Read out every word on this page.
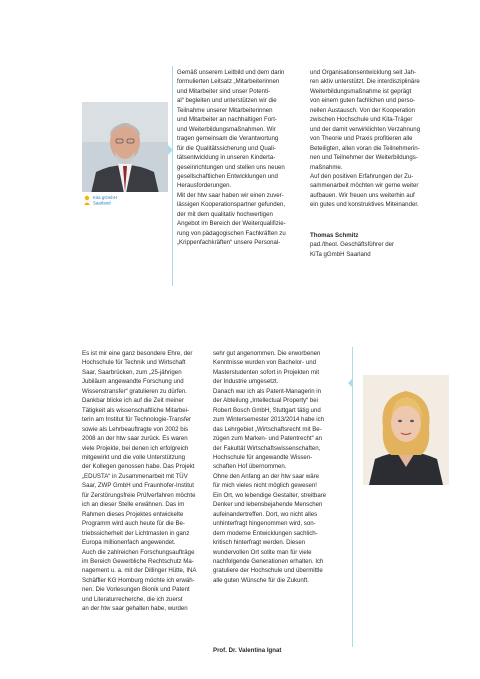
Kita gGmbH
Saarland

Gemäß unserem Leitbild und dem darin
formulierten Leitsatz „Mitarbeiterinnen
und Mitarbeiter sind unser Potenti-
al“ begleiten und unterstützen wir die
Teilnahme unserer Mitarbeiterinnen
und Mitarbeiter an nachhaltigen Fort-
und Weiterbildungsmaßnahmen. Wir
tragen gemeinsam die Verantwortung
für die Qualitätssicherung und Quali-
tätsentwicklung in unseren Kinderta-
geseinrichtungen und stellen uns neuen
gesellschaftlichen Entwicklungen und
Herausforderungen.
Mit der htw saar haben wir einen zuver-
lässigen Kooperationspartner gefunden,
der mit dem qualitativ hochwertigen
Angebot im Bereich der Weiterqualifizie-
rung von pädagogischen Fachkräften zu
„Krippenfachkräften“ unsere Personal-

und Organisationsentwicklung seit Jah-
ren aktiv unterstützt. Die interdisziplinäre
Weiterbildungsmaßnahme ist geprägt
von einem guten fachlichen und perso-
nellen Austausch. Von der Kooperation
zwischen Hochschule und Kita-Träger
und der damit verwirklichten Verzahnung
von Theorie und Praxis profitieren alle
Beteiligten, allen voran die Teilnehmerin-
nen und Teilnehmer der Weiterbildungs-
maßnahme.
Auf den positiven Erfahrungen der Zu-
sammenarbeit möchten wir gerne weiter
aufbauen. Wir freuen uns weiterhin auf
ein gutes und konstruktives Miteinander.

Thomas Schmitz
pad./theol. Geschäftsführer der
KiTa gGmbH Saarland

Es ist mir eine ganz besondere Ehre, der
Hochschule für Technik und Wirtschaft
Saar, Saarbrücken, zum „25-jährigen
Jubiläum angewandte Forschung und
Wissenstransfer“ gratulieren zu dürfen.
Dankbar blicke ich auf die Zeit meiner
Tätigkeit als wissenschaftliche Mitarbei-
terin am Institut für Technologie-Transfer
sowie als Lehrbeauftragte von 2002 bis
2008 an der htw saar zurück. Es waren
viele Projekte, bei denen ich erfolgreich
mitgewirkt und die volle Unterstützung
der Kollegen genossen habe. Das Projekt
„EDUSTA“ in Zusammenarbeit mit TÜV
Saar, ZWP GmbH und Fraunhofer-Institut
für Zerstörungsfreie Prüfverfahren möchte
ich an dieser Stelle erwähnen. Das im
Rahmen dieses Projektes entwickelte
Programm wird auch heute für die Be-
triebssicherheit der Lichtmasten in ganz
Europa millionenfach angewendet.
Auch die zahlreichen Forschungsaufträge
im Bereich Gewerbliche Rechtschutz Ma-
nagement u. a. mit der Dillinger Hütte, INA
Schäffler KG Homburg möchte ich erwäh-
nen. Die Vorlesungen Bionik und Patent
und Literaturrecherche, die ich zuerst
an der htw saar gehalten habe, wurden

sehr gut angenommen. Die erworbenen
Kenntnisse wurden von Bachelor- und
Masterstudenten sofort in Projekten mit
der Industrie umgesetzt.
Danach war ich als Patent-Managerin in
der Abteilung „Intellectual Property“ bei
Robert Bosch GmbH, Stuttgart tätig und
zum Wintersemester 2013/2014 habe ich
das Lehrgebiet „Wirtschaftsrecht mit Be-
zügen zum Marken- und Patentrecht“ an
der Fakultät Wirtschaftswissenschaften,
Hochschule für angewandte Wissen-
schaften Hof übernommen.
Ohne den Anfang an der htw saar wäre
für mich vieles nicht möglich gewesen!
Ein Ort, wo lebendige Gestalter, streitbare
Denker und lebensbejahende Menschen
aufeinandertreffen. Dort, wo nicht alles
unhinterfragt hingenommen wird, son-
dern moderne Entwicklungen sachlich-
kritisch hinterfragt werden. Diesen
wundervollen Ort sollte man für viele
nachfolgende Generationen erhalten. Ich
gratuliere der Hochschule und übermittle
alle guten Wünsche für die Zukunft.

Prof. Dr. Valentina Ignat
